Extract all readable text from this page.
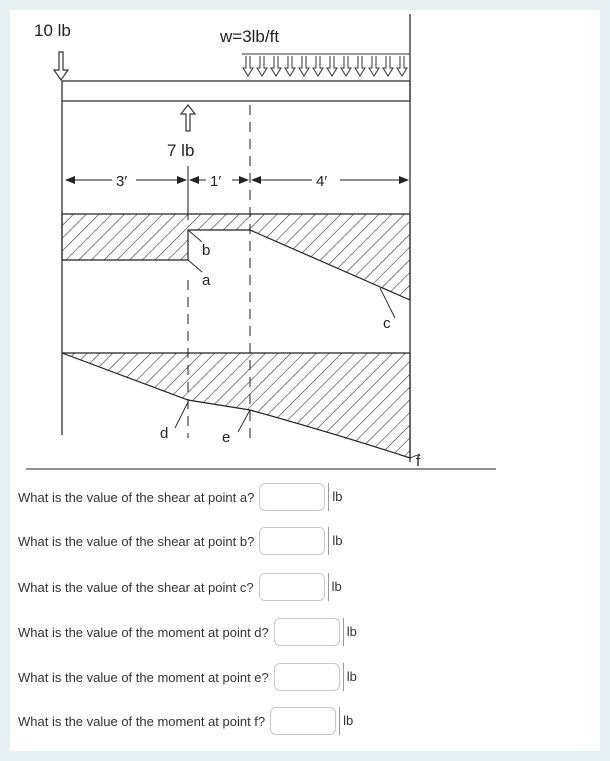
10 lb	w=3lb/ft
7 lb
3′	1′	4′
b
a
c
d	e
f
What is the value of the shear at point a?	lb
What is the value of the shear at point b?	lb
What is the value of the shear at point c?	lb
What is the value of the moment at point d?	lb
What is the value of the moment at point e?	lb
What is the value of the moment at point f?	lb
